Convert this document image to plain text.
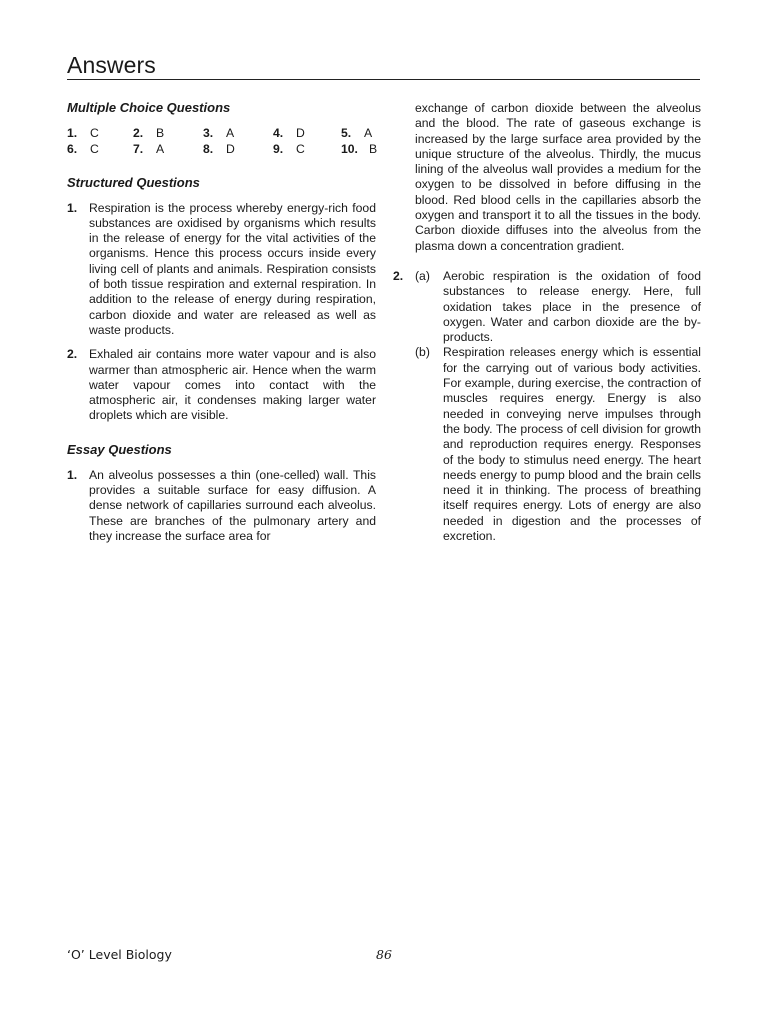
Answers
Multiple Choice Questions
1.	C	2.	B	3.	A	4.	D	5.	A
6.	C	7.	A	8.	D	9.	C	10. B
Structured Questions
1. Respiration is the process whereby energy-rich food substances are oxidised by organisms which results in the release of energy for the vital activities of the organisms. Hence this process occurs inside every living cell of plants and animals. Respiration consists of both tissue respiration and external respiration. In addition to the release of energy during respiration, carbon dioxide and water are released as well as waste products.
2. Exhaled air contains more water vapour and is also warmer than atmospheric air. Hence when the warm water vapour comes into contact with the atmospheric air, it condenses making larger water droplets which are visible.
Essay Questions
1. An alveolus possesses a thin (one-celled) wall. This provides a suitable surface for easy diffusion. A dense network of capillaries surround each alveolus. These are branches of the pulmonary artery and they increase the surface area for
exchange of carbon dioxide between the alveolus and the blood. The rate of gaseous exchange is increased by the large surface area provided by the unique structure of the alveolus. Thirdly, the mucus lining of the alveolus wall provides a medium for the oxygen to be dissolved in before diffusing in the blood. Red blood cells in the capillaries absorb the oxygen and transport it to all the tissues in the body. Carbon dioxide diffuses into the alveolus from the plasma down a concentration gradient.
2. (a)	Aerobic respiration is the oxidation of food substances to release energy. Here, full oxidation takes place in the presence of oxygen. Water and carbon dioxide are the by-products.
(b)	Respiration releases energy which is essential for the carrying out of various body activities. For example, during exercise, the contraction of muscles requires energy. Energy is also needed in conveying nerve impulses through the body. The process of cell division for growth and reproduction requires energy. Responses of the body to stimulus need energy. The heart needs energy to pump blood and the brain cells need it in thinking. The process of breathing itself requires energy. Lots of energy are also needed in digestion and the processes of excretion.
‘O’ Level Biology	86
